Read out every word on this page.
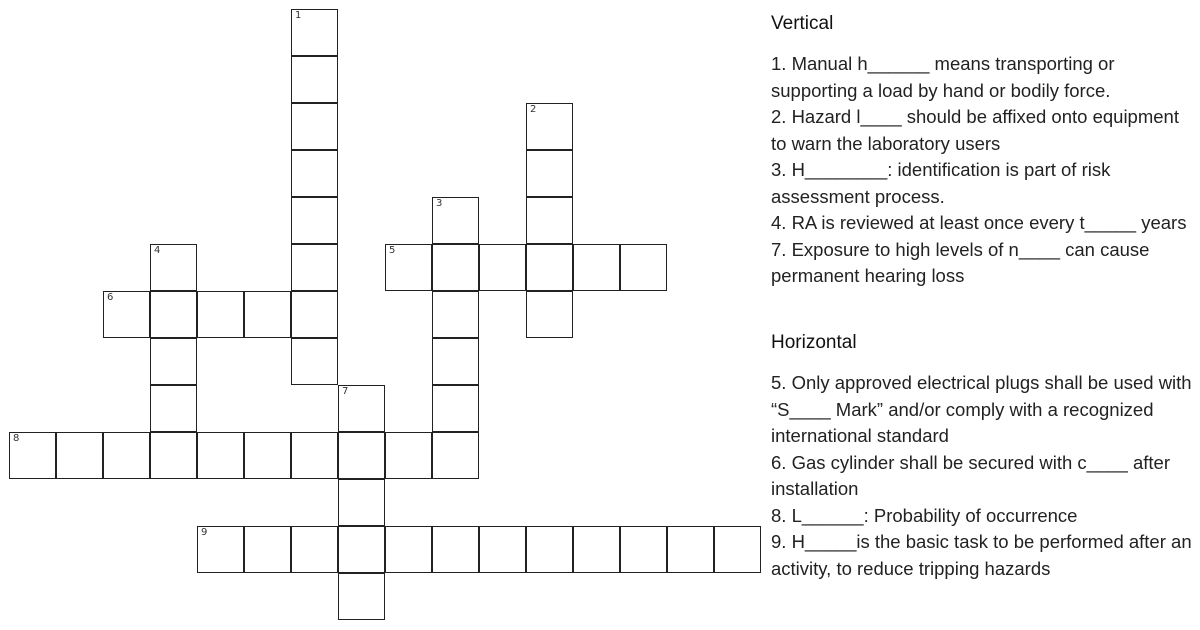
1
2
3
4	5
6
7
8
9
Vertical

1. Manual h______ means transporting or supporting a load by hand or bodily force.

2. Hazard l____ should be affixed onto equipment to warn the laboratory users

3. H________: identification is part of risk assessment process.

4. RA is reviewed at least once every t_____ years

7. Exposure to high levels of n____ can cause permanent hearing loss

Horizontal

5. Only approved electrical plugs shall be used with “S____ Mark” and/or comply with a recognized international standard

6. Gas cylinder shall be secured with c____ after installation

8. L______: Probability of occurrence

9. H_____is the basic task to be performed after an activity, to reduce tripping hazards
